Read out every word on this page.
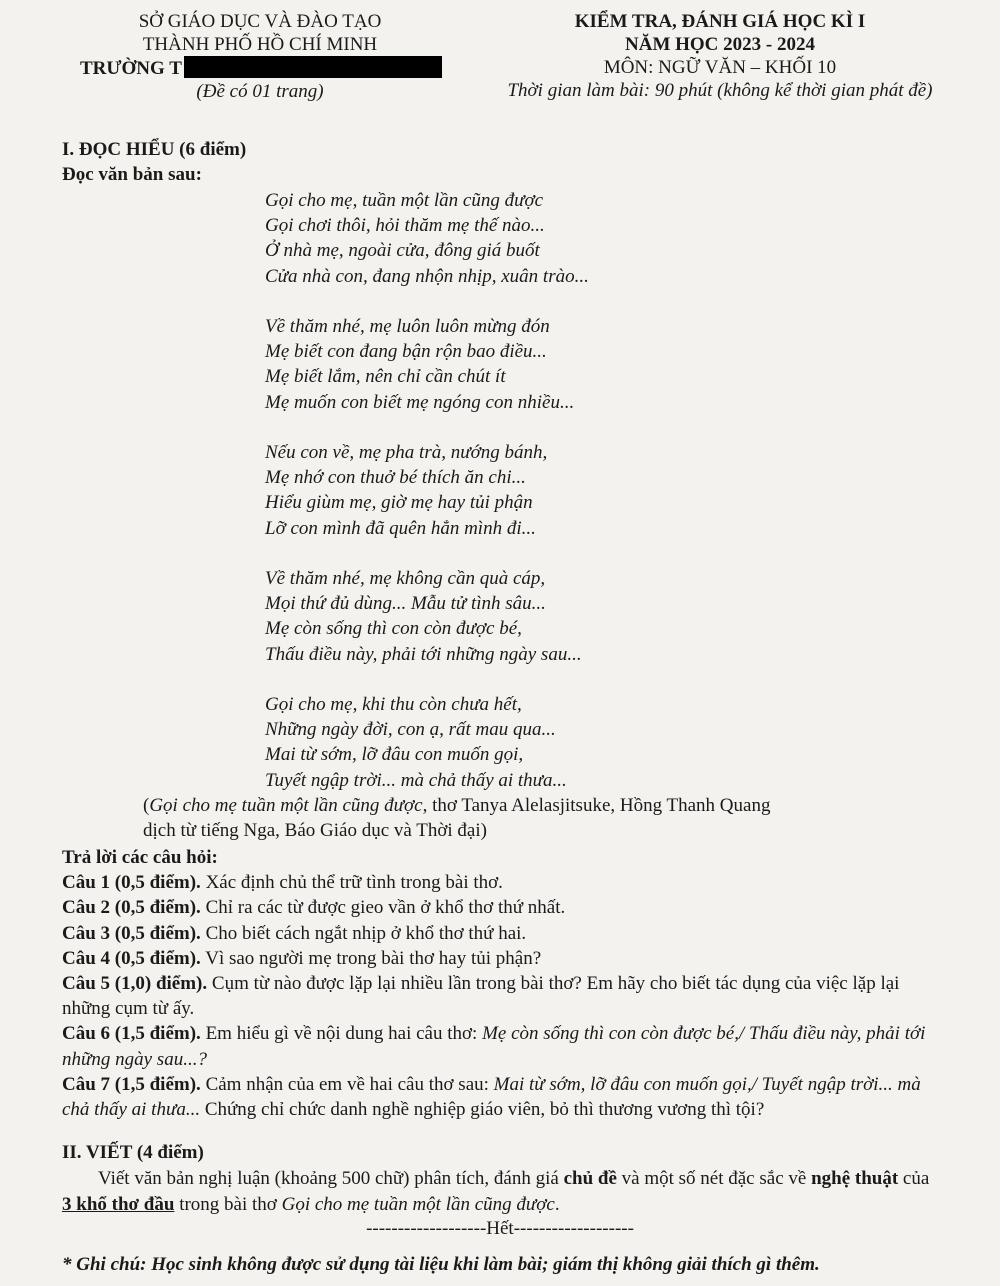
SỞ GIÁO DỤC VÀ ĐÀO TẠO
THÀNH PHỐ HỒ CHÍ MINH
TRƯỜNG T
(Đề có 01 trang)
KIỂM TRA, ĐÁNH GIÁ HỌC KÌ I
NĂM HỌC 2023 - 2024
MÔN: NGỮ VĂN – KHỐI 10
Thời gian làm bài: 90 phút (không kể thời gian phát đề)
I. ĐỌC HIỂU (6 điểm)
Đọc văn bản sau:
Gọi cho mẹ, tuần một lần cũng được
Gọi chơi thôi, hỏi thăm mẹ thế nào...
Ở nhà mẹ, ngoài cửa, đông giá buốt
Cửa nhà con, đang nhộn nhịp, xuân trào...
Về thăm nhé, mẹ luôn luôn mừng đón
Mẹ biết con đang bận rộn bao điều...
Mẹ biết lắm, nên chỉ cần chút ít
Mẹ muốn con biết mẹ ngóng con nhiều...
Nếu con về, mẹ pha trà, nướng bánh,
Mẹ nhớ con thuở bé thích ăn chi...
Hiểu giùm mẹ, giờ mẹ hay tủi phận
Lỡ con mình đã quên hẳn mình đi...
Về thăm nhé, mẹ không cần quà cáp,
Mọi thứ đủ dùng... Mẫu tử tình sâu...
Mẹ còn sống thì con còn được bé,
Thấu điều này, phải tới những ngày sau...
Gọi cho mẹ, khi thu còn chưa hết,
Những ngày đời, con ạ, rất mau qua...
Mai từ sớm, lỡ đâu con muốn gọi,
Tuyết ngập trời... mà chả thấy ai thưa...
(Gọi cho mẹ tuần một lần cũng được, thơ Tanya Alelasjitsuke, Hồng Thanh Quang
dịch từ tiếng Nga, Báo Giáo dục và Thời đại)
Trả lời các câu hỏi:
Câu 1 (0,5 điểm). Xác định chủ thể trữ tình trong bài thơ.
Câu 2 (0,5 điểm). Chỉ ra các từ được gieo vần ở khổ thơ thứ nhất.
Câu 3 (0,5 điểm). Cho biết cách ngắt nhịp ở khổ thơ thứ hai.
Câu 4 (0,5 điểm). Vì sao người mẹ trong bài thơ hay tủi phận?
Câu 5 (1,0) điểm). Cụm từ nào được lặp lại nhiều lần trong bài thơ? Em hãy cho biết tác dụng của việc lặp lại những cụm từ ấy.
Câu 6 (1,5 điểm). Em hiểu gì về nội dung hai câu thơ: Mẹ còn sống thì con còn được bé,/ Thấu điều này, phải tới những ngày sau...?
Câu 7 (1,5 điểm). Cảm nhận của em về hai câu thơ sau: Mai từ sớm, lỡ đâu con muốn gọi,/ Tuyết ngập trời... mà chả thấy ai thưa... Chứng chỉ chức danh nghề nghiệp giáo viên, bỏ thì thương vương thì tội?
II. VIẾT (4 điểm)
Viết văn bản nghị luận (khoảng 500 chữ) phân tích, đánh giá chủ đề và một số nét đặc sắc về nghệ thuật của 3 khổ thơ đầu trong bài thơ Gọi cho mẹ tuần một lần cũng được.
-------------------Hết-------------------
* Ghi chú: Học sinh không được sử dụng tài liệu khi làm bài; giám thị không giải thích gì thêm.
